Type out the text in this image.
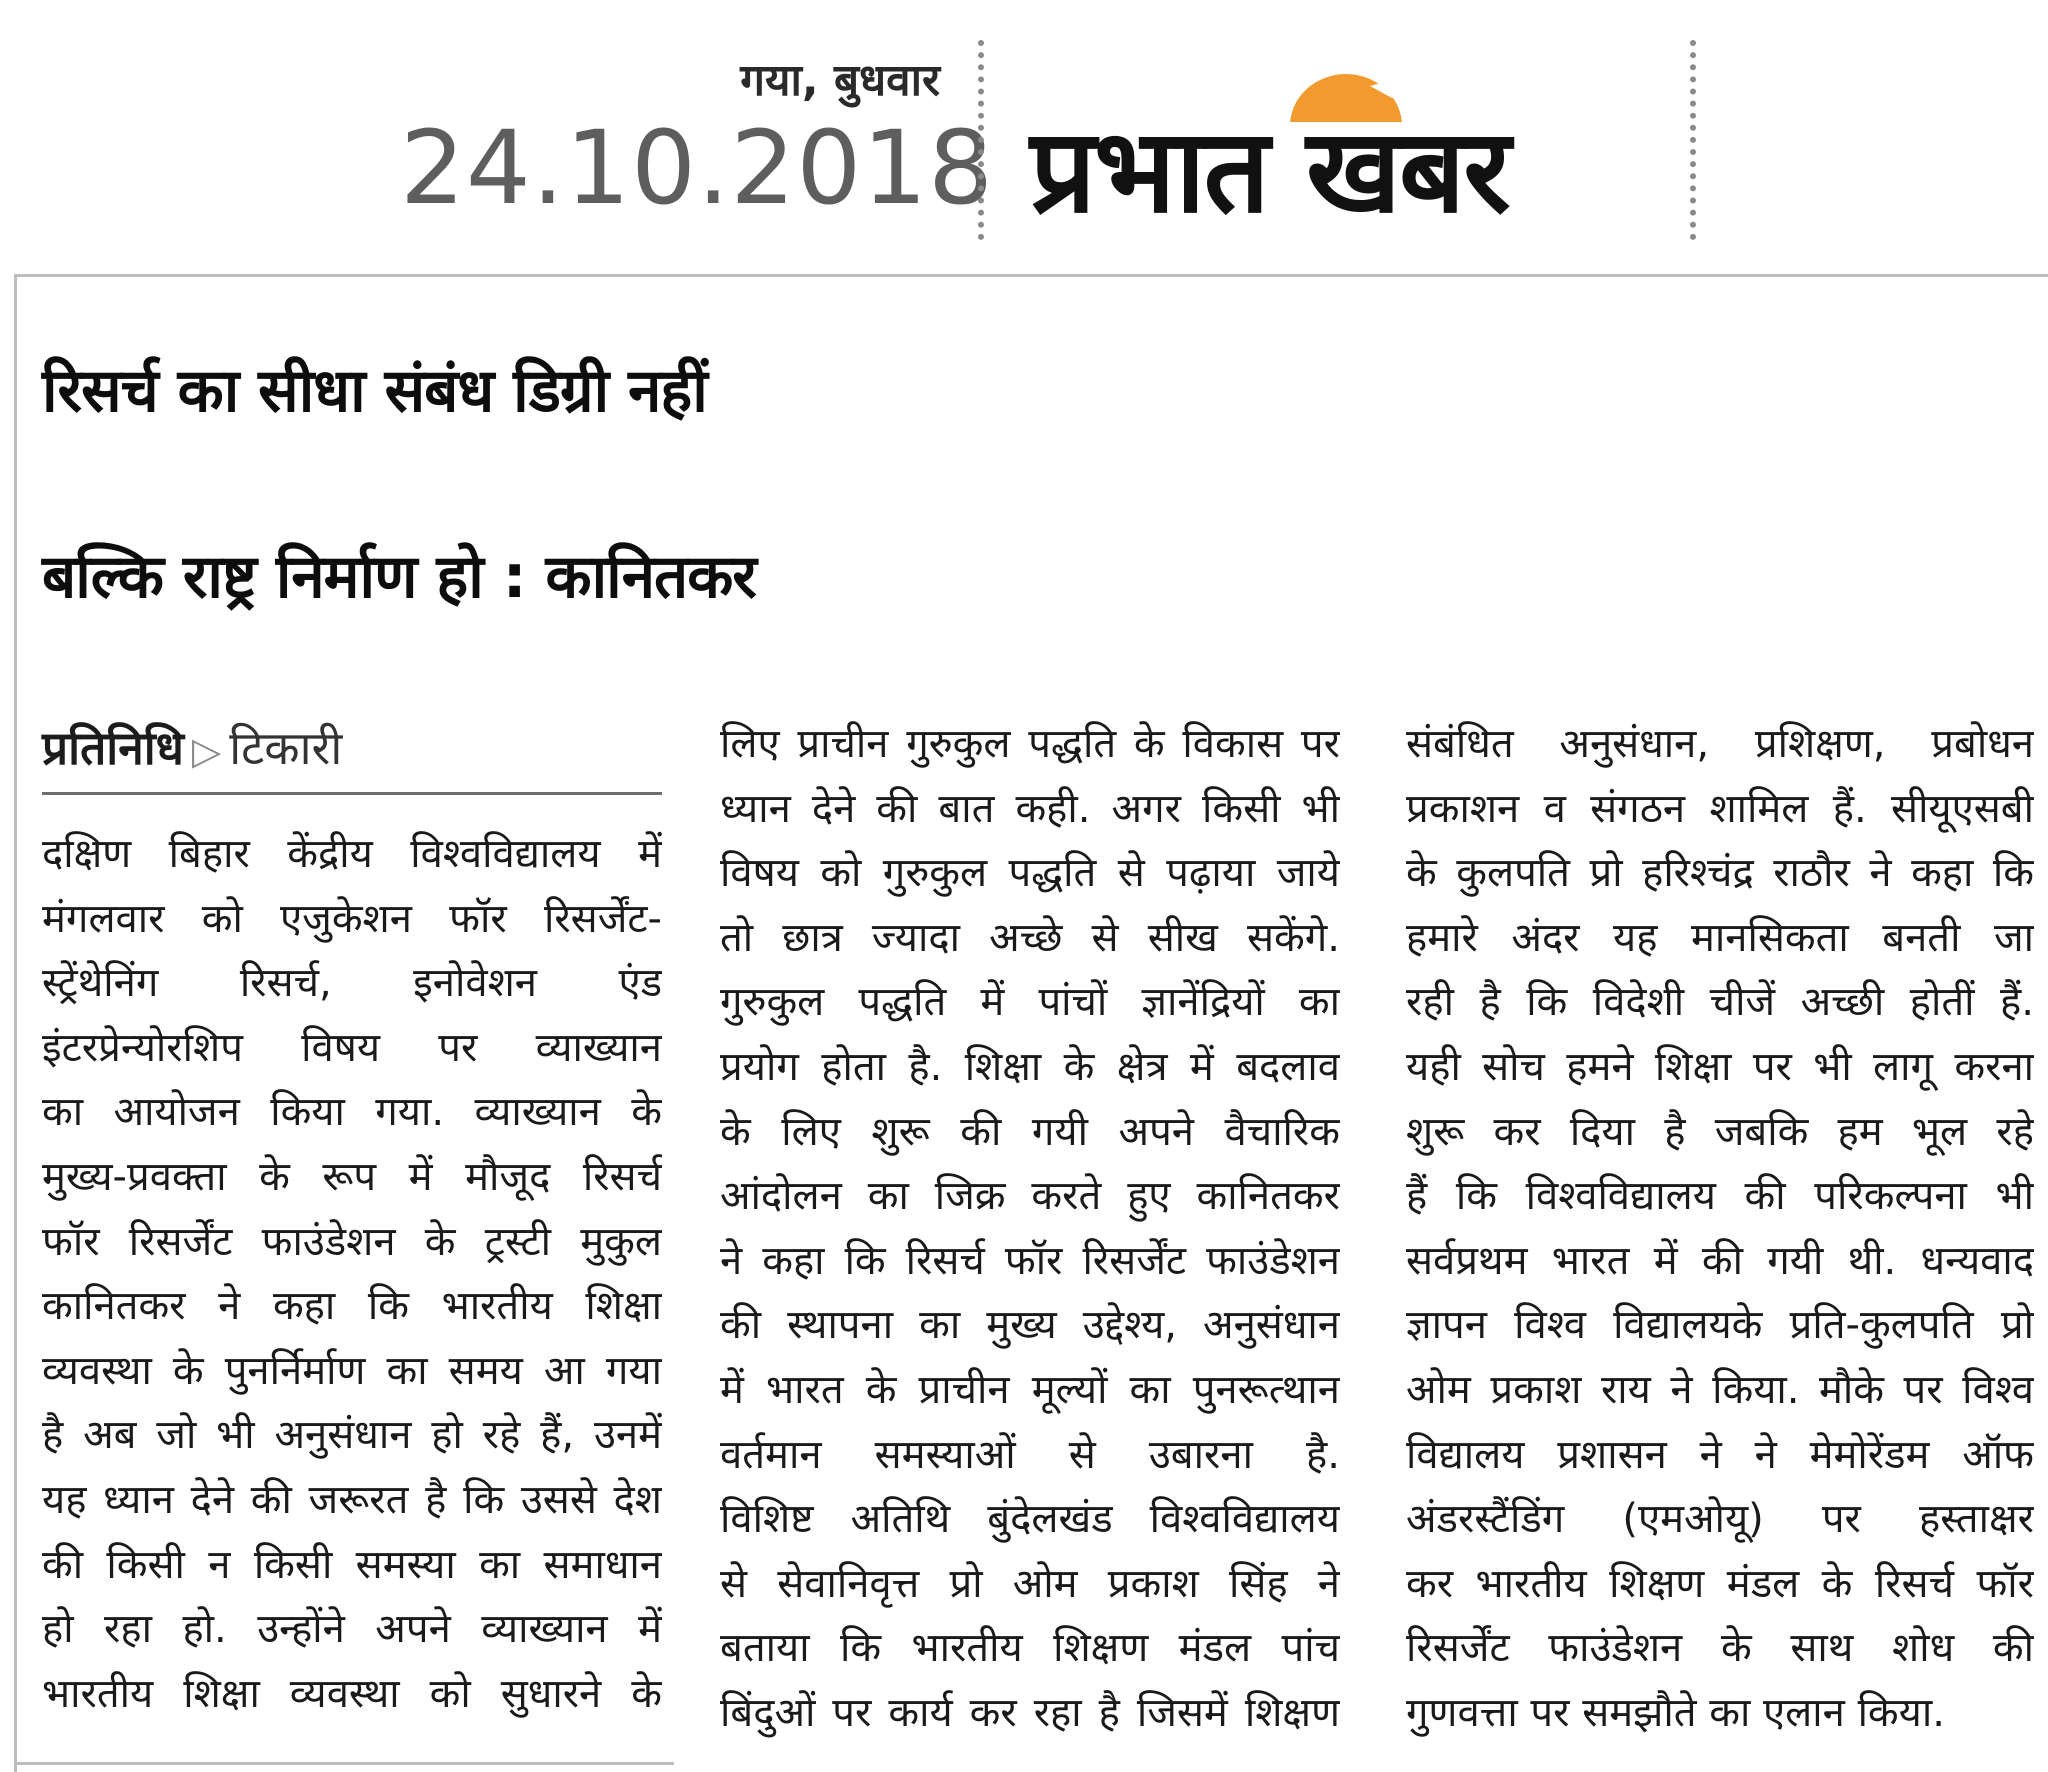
गया, बुधवार
24.10.2018 प्रभात खबर
रिसर्च का सीधा संबंध डिग्री नहीं
बल्कि राष्ट्र निर्माण हो : कानितकर
प्रतिनिधि ▷ टिकारी
दक्षिण बिहार केंद्रीय विश्वविद्यालय में
मंगलवार को एजुकेशन फॉर रिसर्जेंट-
स्ट्रेंथेनिंग रिसर्च, इनोवेशन एंड
इंटरप्रेन्योरशिप विषय पर व्याख्यान
का आयोजन किया गया. व्याख्यान के
मुख्य-प्रवक्ता के रूप में मौजूद रिसर्च
फॉर रिसर्जेंट फाउंडेशन के ट्रस्टी मुकुल
कानितकर ने कहा कि भारतीय शिक्षा
व्यवस्था के पुनर्निर्माण का समय आ गया
है अब जो भी अनुसंधान हो रहे हैं, उनमें
यह ध्यान देने की जरूरत है कि उससे देश
की किसी न किसी समस्या का समाधान
हो रहा हो. उन्होंने अपने व्याख्यान में
भारतीय शिक्षा व्यवस्था को सुधारने के
लिए प्राचीन गुरुकुल पद्धति के विकास पर
ध्यान देने की बात कही. अगर किसी भी
विषय को गुरुकुल पद्धति से पढ़ाया जाये
तो छात्र ज्यादा अच्छे से सीख सकेंगे.
गुरुकुल पद्धति में पांचों ज्ञानेंद्रियों का
प्रयोग होता है. शिक्षा के क्षेत्र में बदलाव
के लिए शुरू की गयी अपने वैचारिक
आंदोलन का जिक्र करते हुए कानितकर
ने कहा कि रिसर्च फॉर रिसर्जेंट फाउंडेशन
की स्थापना का मुख्य उद्देश्य, अनुसंधान
में भारत के प्राचीन मूल्यों का पुनरूत्थान
वर्तमान समस्याओं से उबारना है.
विशिष्ट अतिथि बुंदेलखंड विश्वविद्यालय
से सेवानिवृत्त प्रो ओम प्रकाश सिंह ने
बताया कि भारतीय शिक्षण मंडल पांच
बिंदुओं पर कार्य कर रहा है जिसमें शिक्षण
संबंधित अनुसंधान, प्रशिक्षण, प्रबोधन
प्रकाशन व संगठन शामिल हैं. सीयूएसबी
के कुलपति प्रो हरिश्चंद्र राठौर ने कहा कि
हमारे अंदर यह मानसिकता बनती जा
रही है कि विदेशी चीजें अच्छी होतीं हैं.
यही सोच हमने शिक्षा पर भी लागू करना
शुरू कर दिया है जबकि हम भूल रहे
हैं कि विश्वविद्यालय की परिकल्पना भी
सर्वप्रथम भारत में की गयी थी. धन्यवाद
ज्ञापन विश्व विद्यालयके प्रति-कुलपति प्रो
ओम प्रकाश राय ने किया. मौके पर विश्व
विद्यालय प्रशासन ने ने मेमोरेंडम ऑफ
अंडरस्टैंडिंग (एमओयू) पर हस्ताक्षर
कर भारतीय शिक्षण मंडल के रिसर्च फॉर
रिसर्जेंट फाउंडेशन के साथ शोध की
गुणवत्ता पर समझौते का एलान किया.
